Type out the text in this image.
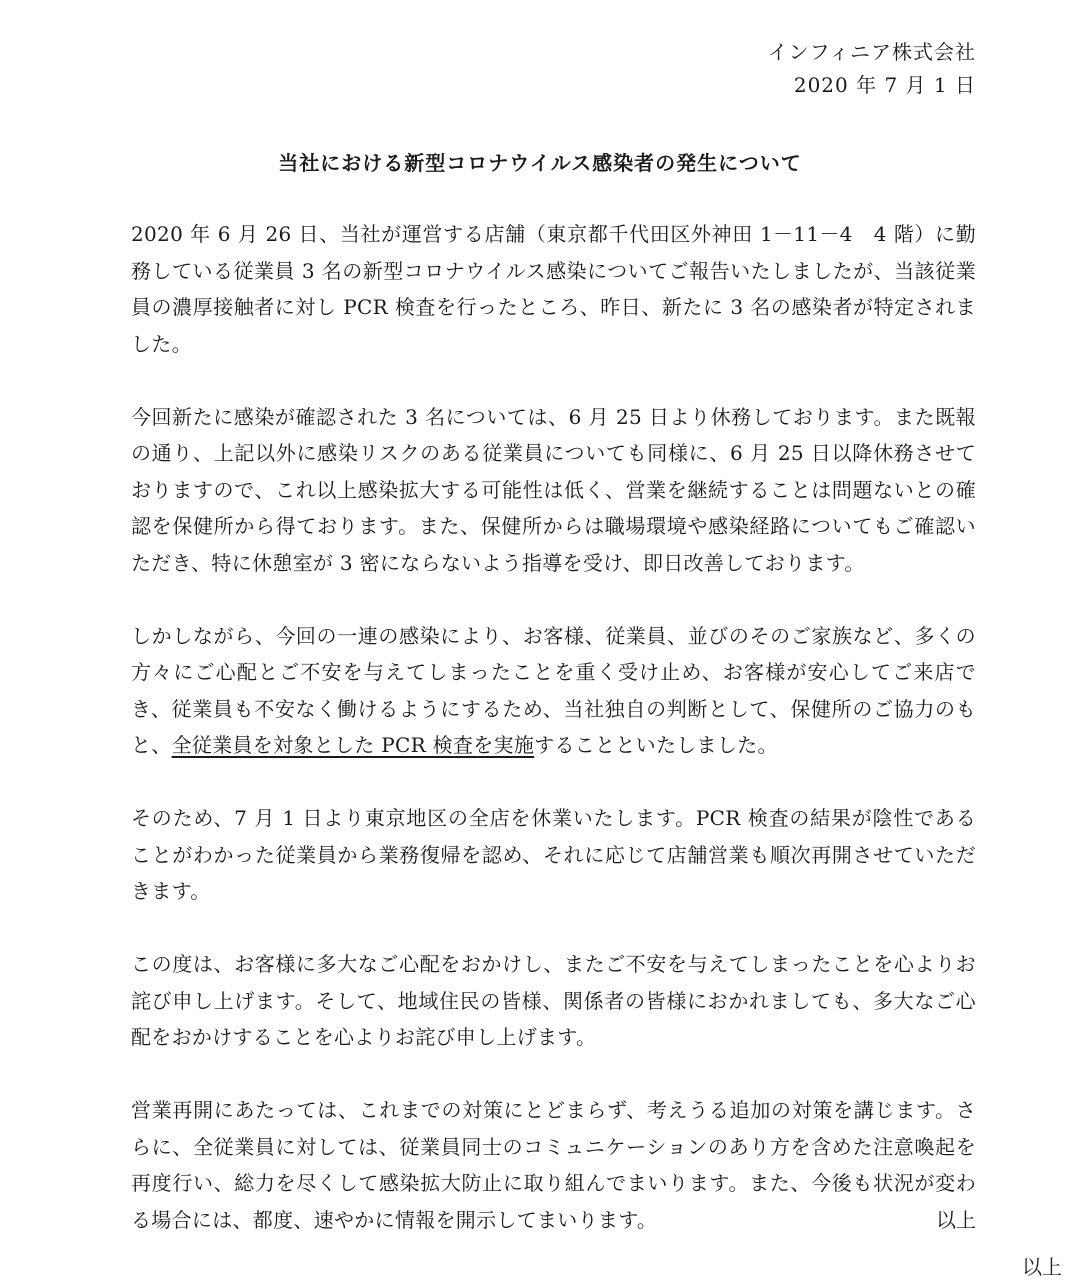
インフィニア株式会社
2020 年 7 月 1 日
当社における新型コロナウイルス感染者の発生について

2020 年 6 月 26 日、当社が運営する店舗（東京都千代田区外神田 1－11－4　4 階）に勤務している従業員 3 名の新型コロナウイルス感染についてご報告いたしましたが、当該従業員の濃厚接触者に対し PCR 検査を行ったところ、昨日、新たに 3 名の感染者が特定されました。

今回新たに感染が確認された 3 名については、6 月 25 日より休務しております。また既報の通り、上記以外に感染リスクのある従業員についても同様に、6 月 25 日以降休務させておりますので、これ以上感染拡大する可能性は低く、営業を継続することは問題ないとの確認を保健所から得ております。また、保健所からは職場環境や感染経路についてもご確認いただき、特に休憩室が 3 密にならないよう指導を受け、即日改善しております。

しかしながら、今回の一連の感染により、お客様、従業員、並びのそのご家族など、多くの方々にご心配とご不安を与えてしまったことを重く受け止め、お客様が安心してご来店でき、従業員も不安なく働けるようにするため、当社独自の判断として、保健所のご協力のもと、全従業員を対象とした PCR 検査を実施することといたしました。

そのため、7 月 1 日より東京地区の全店を休業いたします。PCR 検査の結果が陰性であることがわかった従業員から業務復帰を認め、それに応じて店舗営業も順次再開させていただきます。

この度は、お客様に多大なご心配をおかけし、またご不安を与えてしまったことを心よりお詫び申し上げます。そして、地域住民の皆様、関係者の皆様におかれましても、多大なご心配をおかけすることを心よりお詫び申し上げます。

営業再開にあたっては、これまでの対策にとどまらず、考えうる追加の対策を講じます。さらに、全従業員に対しては、従業員同士のコミュニケーションのあり方を含めた注意喚起を再度行い、総力を尽くして感染拡大防止に取り組んでまいります。また、今後も状況が変わる場合には、都度、速やかに情報を開示してまいります。	以上
以上
